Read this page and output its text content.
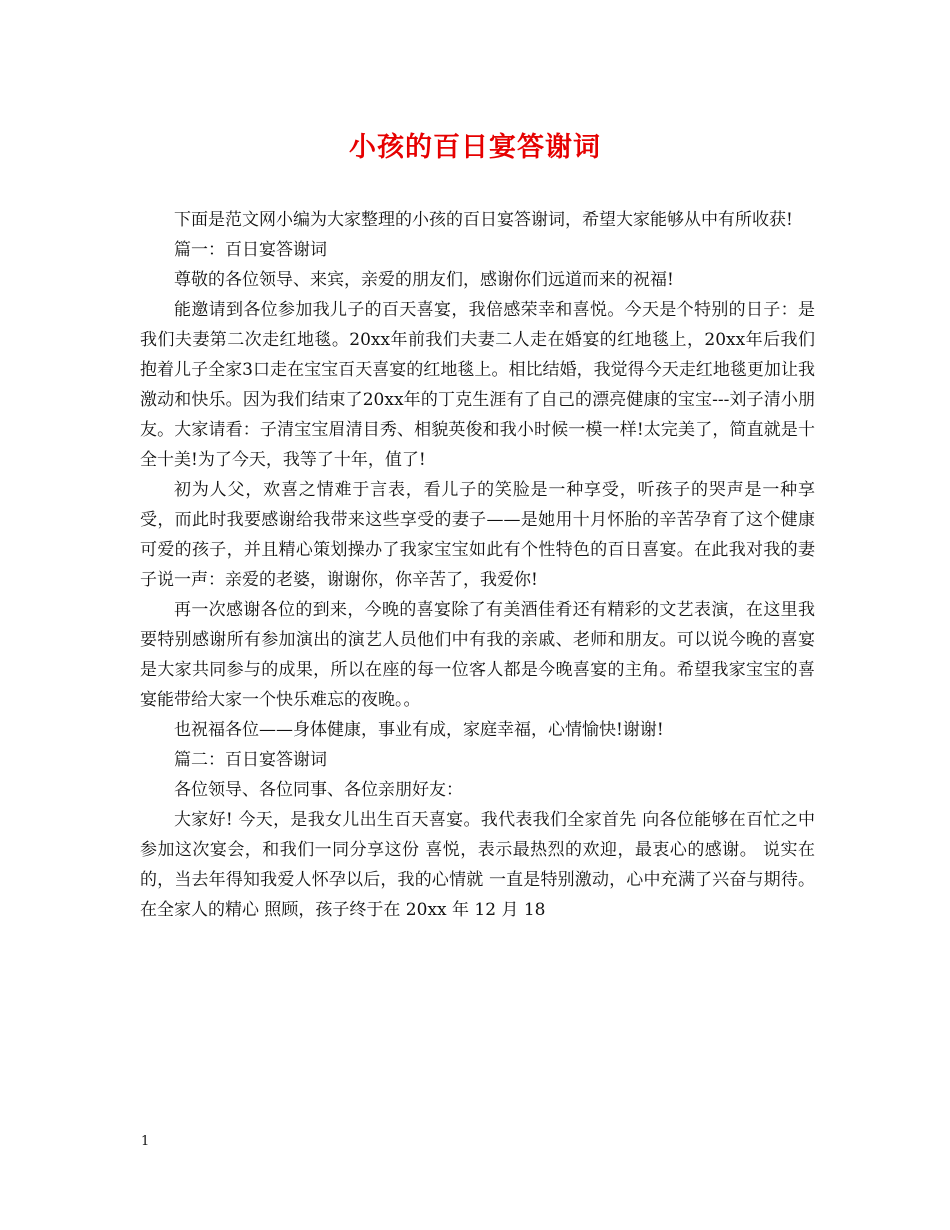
小孩的百日宴答谢词

下面是范文网小编为大家整理的小孩的百日宴答谢词，希望大家能够从中有所收获!

篇一：百日宴答谢词

尊敬的各位领导、来宾，亲爱的朋友们，感谢你们远道而来的祝福!

能邀请到各位参加我儿子的百天喜宴，我倍感荣幸和喜悦。今天是个特别的日子：是我们夫妻第二次走红地毯。20xx年前我们夫妻二人走在婚宴的红地毯上，20xx年后我们抱着儿子全家3口走在宝宝百天喜宴的红地毯上。相比结婚，我觉得今天走红地毯更加让我激动和快乐。因为我们结束了20xx年的丁克生涯有了自己的漂亮健康的宝宝---刘子清小朋友。大家请看：子清宝宝眉清目秀、相貌英俊和我小时候一模一样!太完美了，简直就是十全十美!为了今天，我等了十年，值了!

初为人父，欢喜之情难于言表，看儿子的笑脸是一种享受，听孩子的哭声是一种享受，而此时我要感谢给我带来这些享受的妻子——是她用十月怀胎的辛苦孕育了这个健康可爱的孩子，并且精心策划操办了我家宝宝如此有个性特色的百日喜宴。在此我对我的妻子说一声：亲爱的老婆，谢谢你，你辛苦了，我爱你!

再一次感谢各位的到来，今晚的喜宴除了有美酒佳肴还有精彩的文艺表演，在这里我要特别感谢所有参加演出的演艺人员他们中有我的亲戚、老师和朋友。可以说今晚的喜宴是大家共同参与的成果，所以在座的每一位客人都是今晚喜宴的主角。希望我家宝宝的喜宴能带给大家一个快乐难忘的夜晚。。

也祝福各位——身体健康，事业有成，家庭幸福，心情愉快!谢谢!

篇二：百日宴答谢词

各位领导、各位同事、各位亲朋好友：

大家好! 今天，是我女儿出生百天喜宴。我代表我们全家首先 向各位能够在百忙之中参加这次宴会，和我们一同分享这份 喜悦，表示最热烈的欢迎，最衷心的感谢。 说实在的，当去年得知我爱人怀孕以后，我的心情就 一直是特别激动，心中充满了兴奋与期待。在全家人的精心 照顾，孩子终于在 20xx 年 12 月 18

1
